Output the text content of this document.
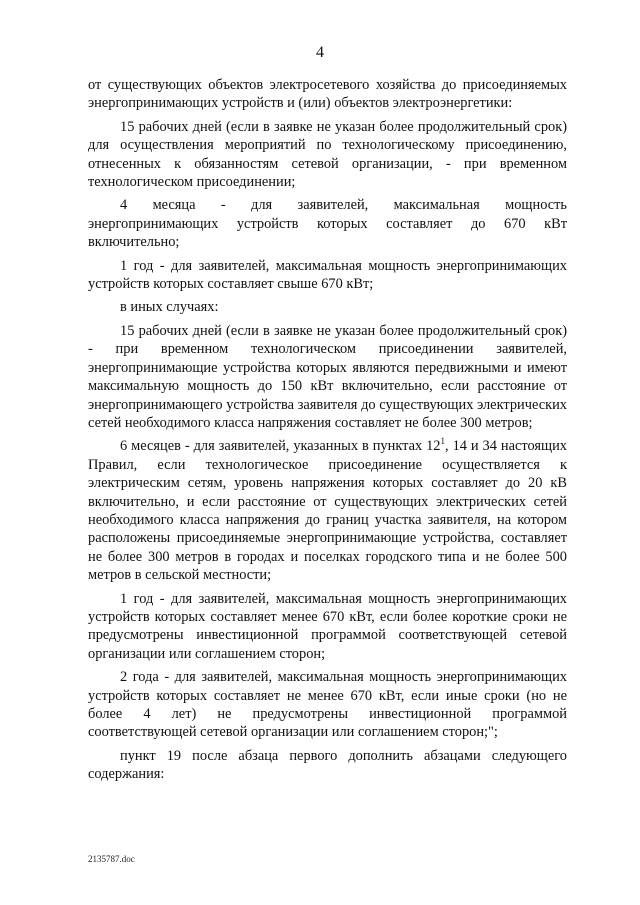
4

от существующих объектов электросетевого хозяйства до присоединяемых энергопринимающих устройств и (или) объектов электроэнергетики:

15 рабочих дней (если в заявке не указан более продолжительный срок) для осуществления мероприятий по технологическому присоединению, отнесенных к обязанностям сетевой организации, - при временном технологическом присоединении;

4 месяца - для заявителей, максимальная мощность энергопринимающих устройств которых составляет до 670 кВт включительно;

1 год - для заявителей, максимальная мощность энергопринимающих устройств которых составляет свыше 670 кВт;

в иных случаях:

15 рабочих дней (если в заявке не указан более продолжительный срок) - при временном технологическом присоединении заявителей, энергопринимающие устройства которых являются передвижными и имеют максимальную мощность до 150 кВт включительно, если расстояние от энергопринимающего устройства заявителя до существующих электрических сетей необходимого класса напряжения составляет не более 300 метров;

6 месяцев - для заявителей, указанных в пунктах $12^1$, 14 и 34 настоящих Правил, если технологическое присоединение осуществляется к электрическим сетям, уровень напряжения которых составляет до 20 кВ включительно, и если расстояние от существующих электрических сетей необходимого класса напряжения до границ участка заявителя, на котором расположены присоединяемые энергопринимающие устройства, составляет не более 300 метров в городах и поселках городского типа и не более 500 метров в сельской местности;

1 год - для заявителей, максимальная мощность энергопринимающих устройств которых составляет менее 670 кВт, если более короткие сроки не предусмотрены инвестиционной программой соответствующей сетевой организации или соглашением сторон;

2 года - для заявителей, максимальная мощность энергопринимающих устройств которых составляет не менее 670 кВт, если иные сроки (но не более 4 лет) не предусмотрены инвестиционной программой соответствующей сетевой организации или соглашением сторон;";

пункт 19 после абзаца первого дополнить абзацами следующего содержания:

2135787.doc
